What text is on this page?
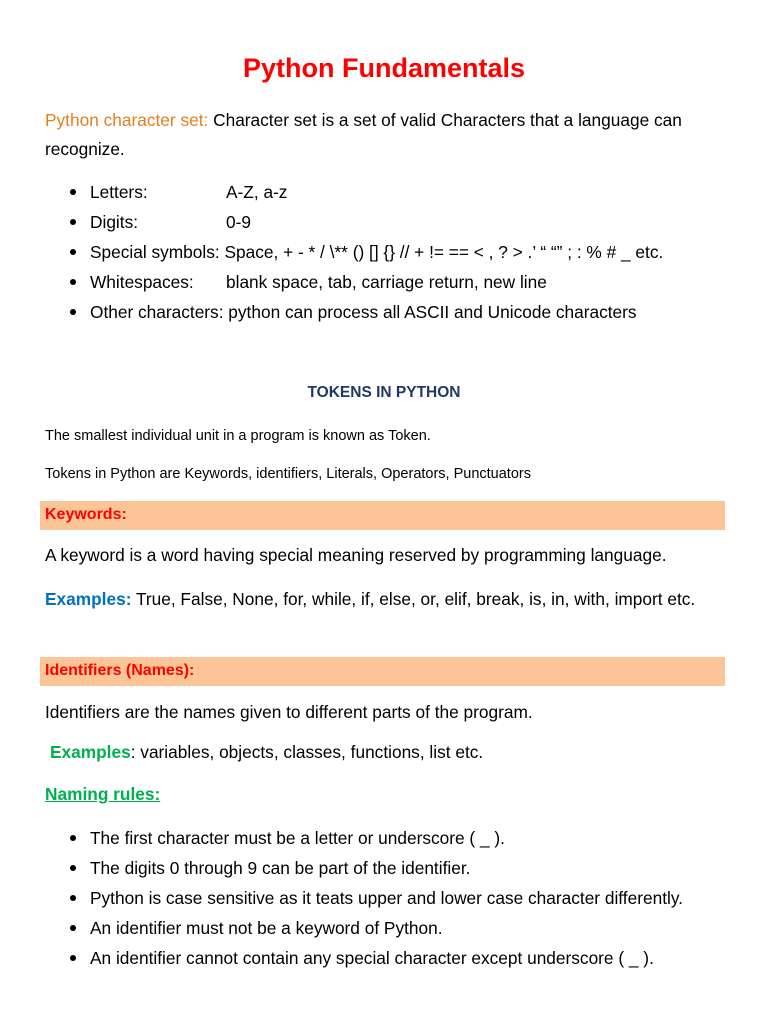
Python Fundamentals

Python character set: Character set is a set of valid Characters that a language can recognize.

Letters:	A-Z, a-z
Digits:	0-9
Special symbols: Space, + - * / \** () [] {} // + != == < , ? > .’ “ “” ; : % # _ etc.
Whitespaces: blank space, tab, carriage return, new line
Other characters: python can process all ASCII and Unicode characters
TOKENS IN PYTHON
The smallest individual unit in a program is known as Token.
Tokens in Python are Keywords, identifiers, Literals, Operators, Punctuators
Keywords:

A keyword is a word having special meaning reserved by programming language.

Examples: True, False, None, for, while, if, else, or, elif, break, is, in, with, import etc.

Identifiers (Names):

Identifiers are the names given to different parts of the program.

Examples: variables, objects, classes, functions, list etc.

Naming rules:
The first character must be a letter or underscore ( _ ).
The digits 0 through 9 can be part of the identifier.
Python is case sensitive as it teats upper and lower case character differently.
An identifier must not be a keyword of Python.
An identifier cannot contain any special character except underscore ( _ ).
